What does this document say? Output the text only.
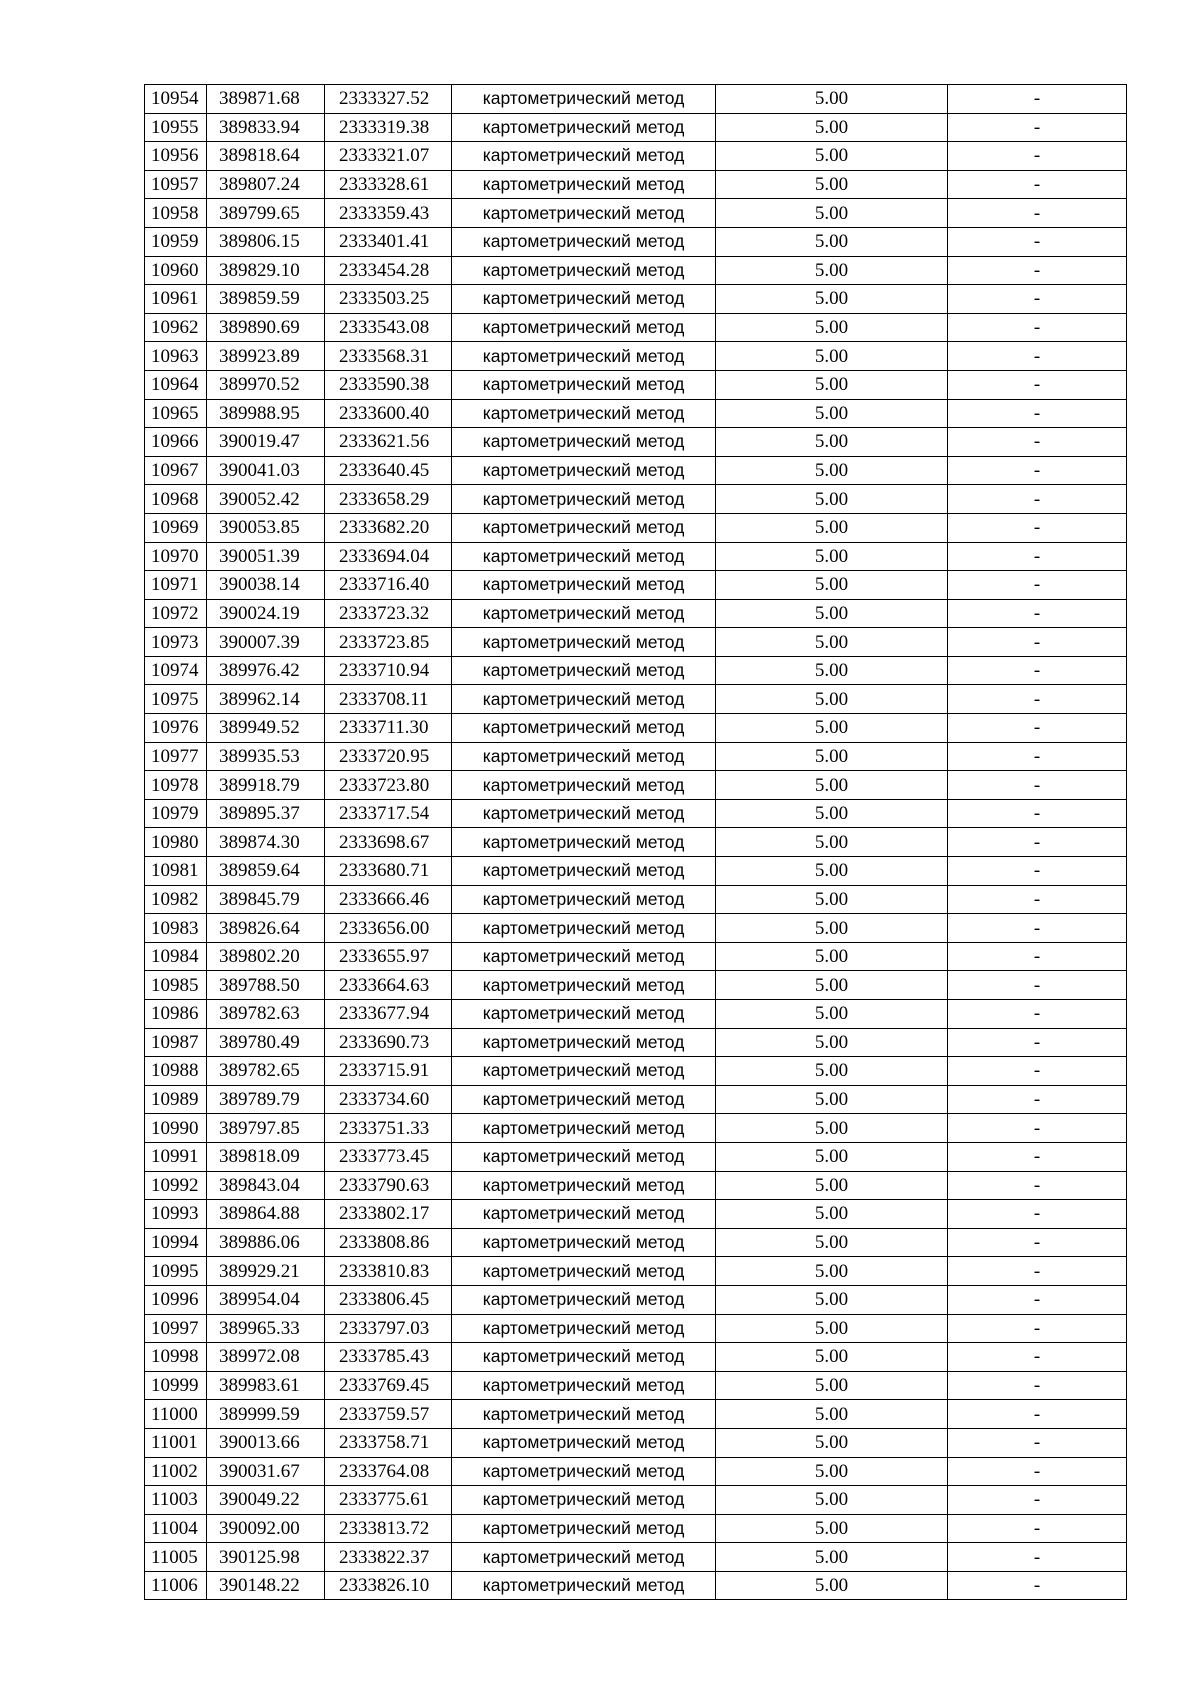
10954	389871.68	2333327.52	картометрический метод	5.00	-
10955	389833.94	2333319.38	картометрический метод	5.00	-
10956	389818.64	2333321.07	картометрический метод	5.00	-
10957	389807.24	2333328.61	картометрический метод	5.00	-
10958	389799.65	2333359.43	картометрический метод	5.00	-
10959	389806.15	2333401.41	картометрический метод	5.00	-
10960	389829.10	2333454.28	картометрический метод	5.00	-
10961	389859.59	2333503.25	картометрический метод	5.00	-
10962	389890.69	2333543.08	картометрический метод	5.00	-
10963	389923.89	2333568.31	картометрический метод	5.00	-
10964	389970.52	2333590.38	картометрический метод	5.00	-
10965	389988.95	2333600.40	картометрический метод	5.00	-
10966	390019.47	2333621.56	картометрический метод	5.00	-
10967	390041.03	2333640.45	картометрический метод	5.00	-
10968	390052.42	2333658.29	картометрический метод	5.00	-
10969	390053.85	2333682.20	картометрический метод	5.00	-
10970	390051.39	2333694.04	картометрический метод	5.00	-
10971	390038.14	2333716.40	картометрический метод	5.00	-
10972	390024.19	2333723.32	картометрический метод	5.00	-
10973	390007.39	2333723.85	картометрический метод	5.00	-
10974	389976.42	2333710.94	картометрический метод	5.00	-
10975	389962.14	2333708.11	картометрический метод	5.00	-
10976	389949.52	2333711.30	картометрический метод	5.00	-
10977	389935.53	2333720.95	картометрический метод	5.00	-
10978	389918.79	2333723.80	картометрический метод	5.00	-
10979	389895.37	2333717.54	картометрический метод	5.00	-
10980	389874.30	2333698.67	картометрический метод	5.00	-
10981	389859.64	2333680.71	картометрический метод	5.00	-
10982	389845.79	2333666.46	картометрический метод	5.00	-
10983	389826.64	2333656.00	картометрический метод	5.00	-
10984	389802.20	2333655.97	картометрический метод	5.00	-
10985	389788.50	2333664.63	картометрический метод	5.00	-
10986	389782.63	2333677.94	картометрический метод	5.00	-
10987	389780.49	2333690.73	картометрический метод	5.00	-
10988	389782.65	2333715.91	картометрический метод	5.00	-
10989	389789.79	2333734.60	картометрический метод	5.00	-
10990	389797.85	2333751.33	картометрический метод	5.00	-
10991	389818.09	2333773.45	картометрический метод	5.00	-
10992	389843.04	2333790.63	картометрический метод	5.00	-
10993	389864.88	2333802.17	картометрический метод	5.00	-
10994	389886.06	2333808.86	картометрический метод	5.00	-
10995	389929.21	2333810.83	картометрический метод	5.00	-
10996	389954.04	2333806.45	картометрический метод	5.00	-
10997	389965.33	2333797.03	картометрический метод	5.00	-
10998	389972.08	2333785.43	картометрический метод	5.00	-
10999	389983.61	2333769.45	картометрический метод	5.00	-
11000	389999.59	2333759.57	картометрический метод	5.00	-
11001	390013.66	2333758.71	картометрический метод	5.00	-
11002	390031.67	2333764.08	картометрический метод	5.00	-
11003	390049.22	2333775.61	картометрический метод	5.00	-
11004	390092.00	2333813.72	картометрический метод	5.00	-
11005	390125.98	2333822.37	картометрический метод	5.00	-
11006	390148.22	2333826.10	картометрический метод	5.00	-
